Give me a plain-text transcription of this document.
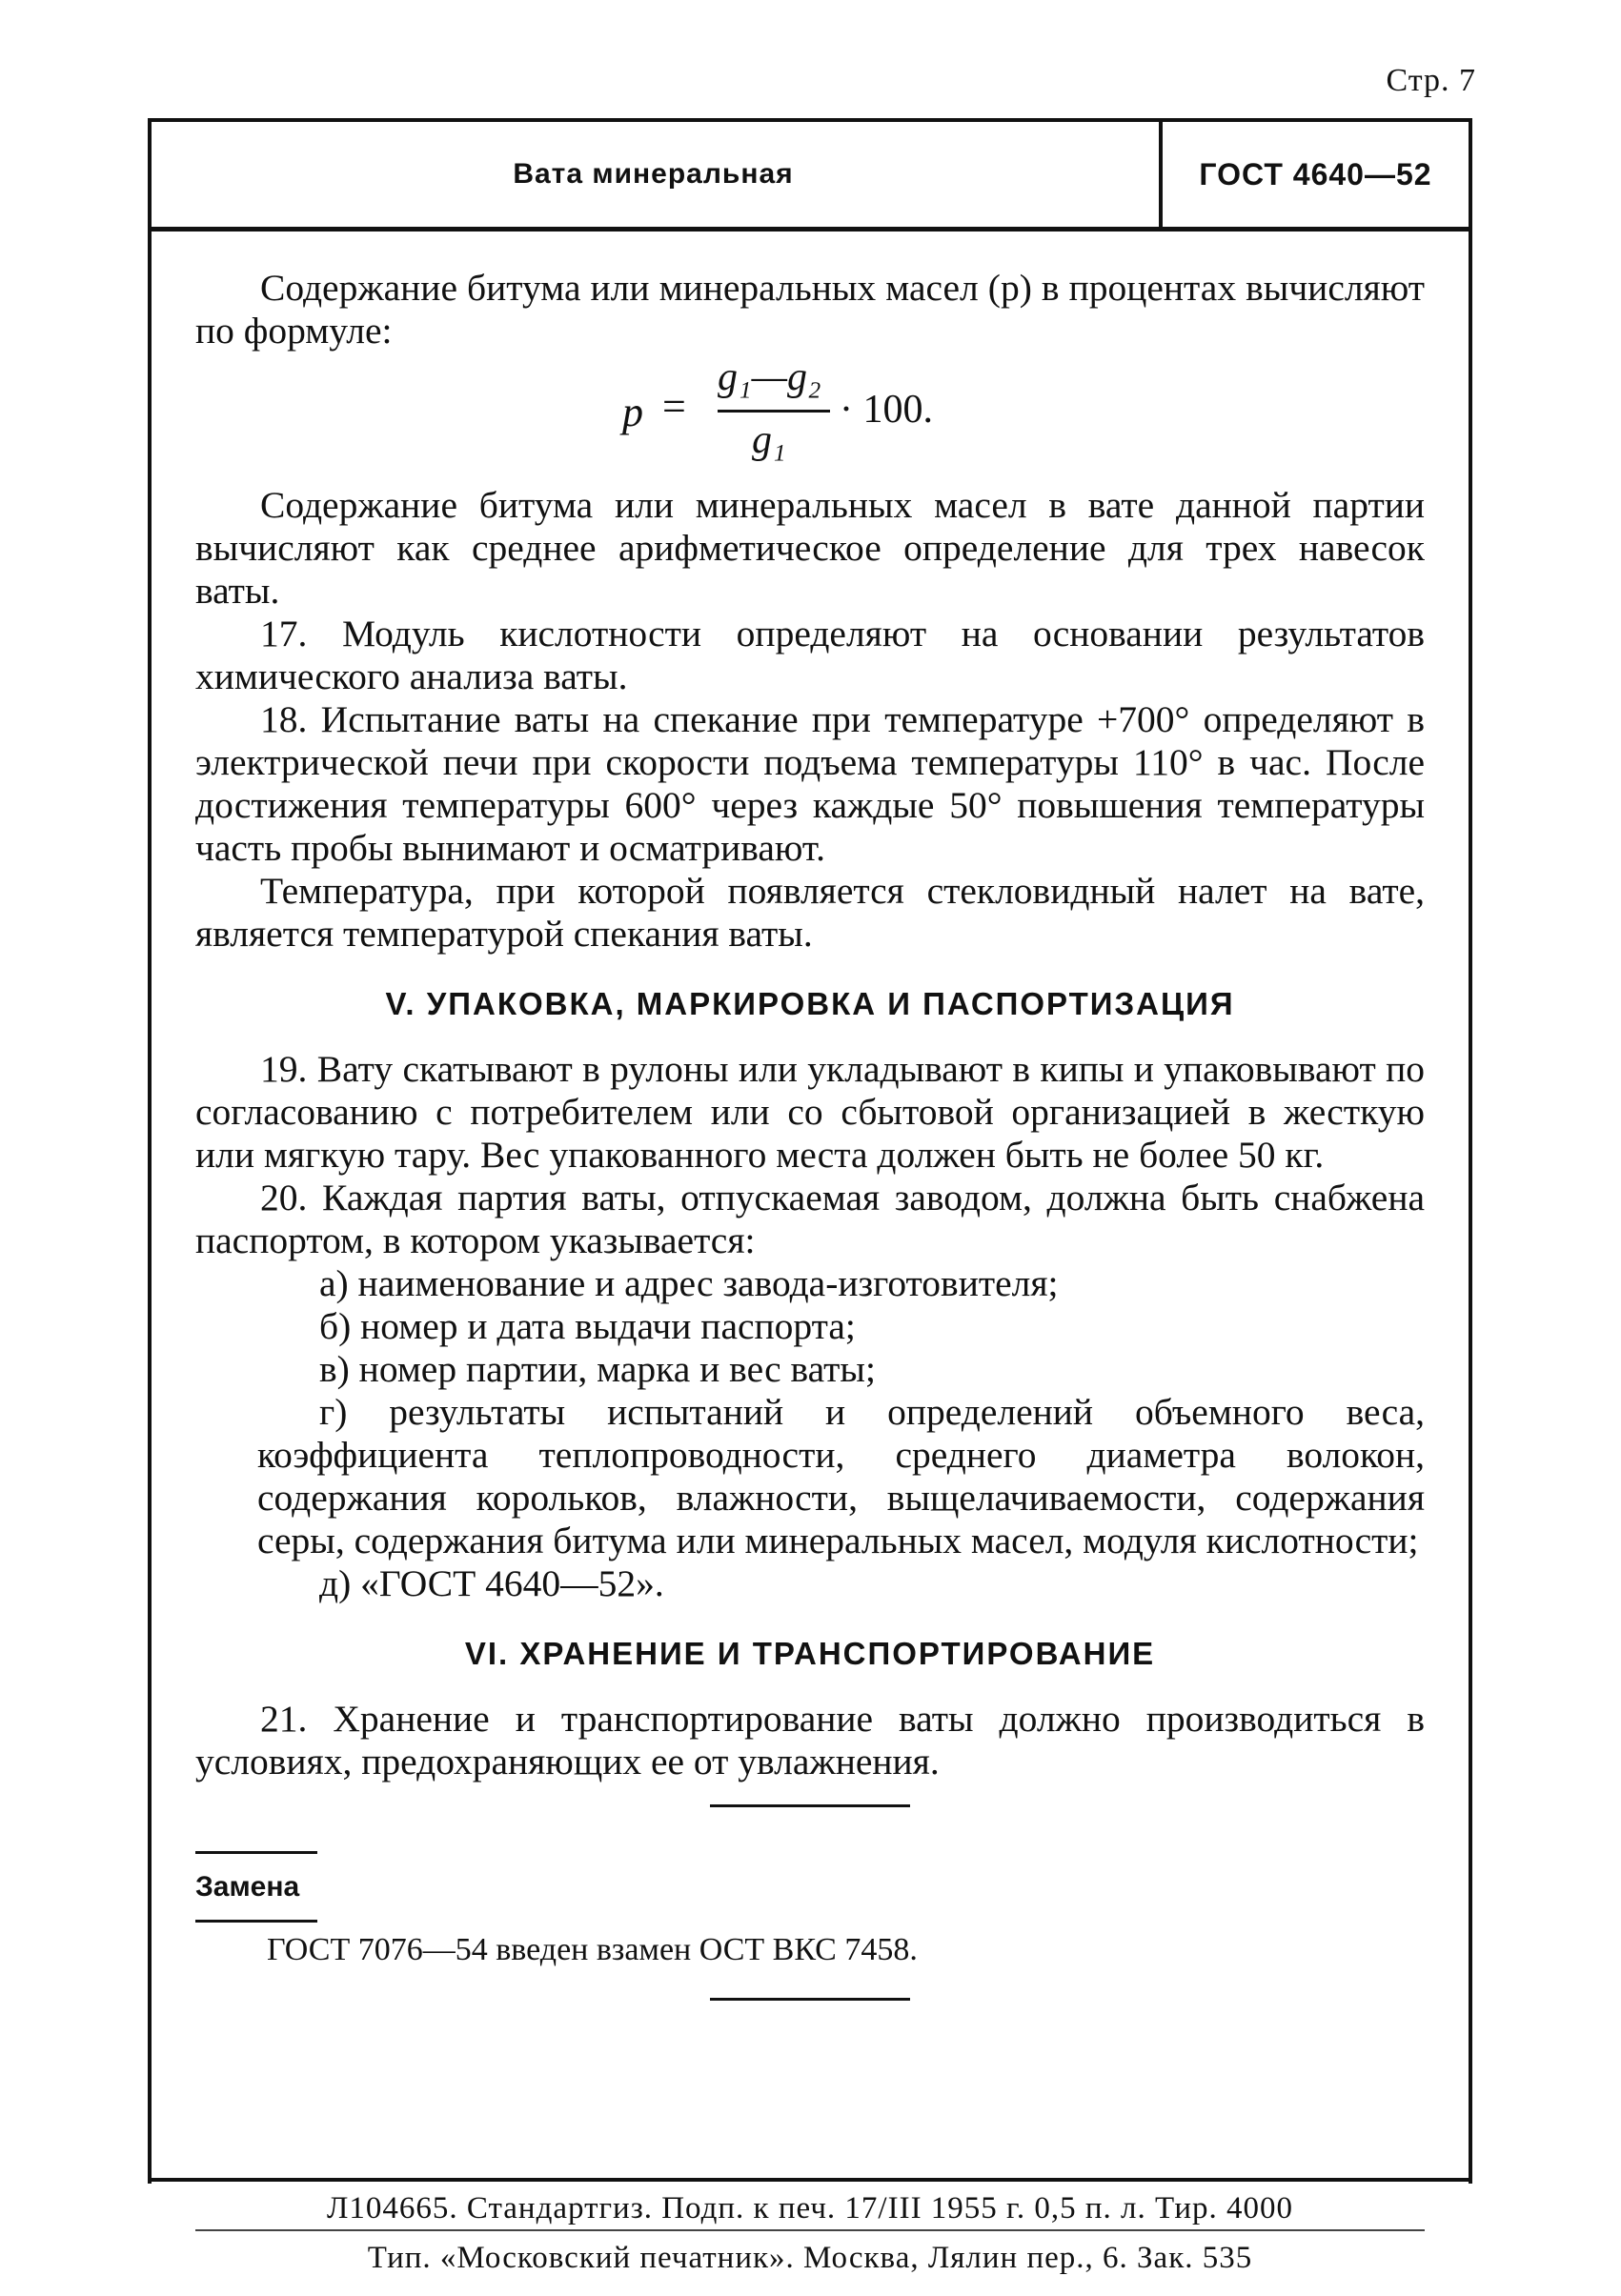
Стр. 7
Вата минеральная	ГОСТ 4640—52

Содержание битума или минеральных масел (p) в процентах вычисляют по формуле:

p =
g₁—g₂
g₁
· 100.

Содержание битума или минеральных масел в вате данной партии вычисляют как среднее арифметическое определение для трех навесок ваты.

17. Модуль кислотности определяют на основании результатов химического анализа ваты.

18. Испытание ваты на спекание при температуре +700° определяют в электрической печи при скорости подъема температуры 110° в час. После достижения температуры 600° через каждые 50° повышения температуры часть пробы вынимают и осматривают.

Температура, при которой появляется стекловидный налет на вате, является температурой спекания ваты.

V. УПАКОВКА, МАРКИРОВКА И ПАСПОРТИЗАЦИЯ

19. Вату скатывают в рулоны или укладывают в кипы и упаковывают по согласованию с потребителем или со сбытовой организацией в жесткую или мягкую тару. Вес упакованного места должен быть не более 50 кг.

20. Каждая партия ваты, отпускаемая заводом, должна быть снабжена паспортом, в котором указывается:

а) наименование и адрес завода-изготовителя;

б) номер и дата выдачи паспорта;

в) номер партии, марка и вес ваты;

г) результаты испытаний и определений объемного веса, коэффициента теплопроводности, среднего диаметра волокон, содержания корольков, влажности, выщелачиваемости, содержания серы, содержания битума или минеральных масел, модуля кислотности;

д) «ГОСТ 4640—52».

VI. ХРАНЕНИЕ И ТРАНСПОРТИРОВАНИЕ

21. Хранение и транспортирование ваты должно производиться в условиях, предохраняющих ее от увлажнения.

Замена
ГОСТ 7076—54 введен взамен ОСТ ВКС 7458.
Л104665. Стандартгиз. Подп. к печ. 17/III 1955 г. 0,5 п. л. Тир. 4000
Тип. «Московский печатник». Москва, Лялин пер., 6. Зак. 535
